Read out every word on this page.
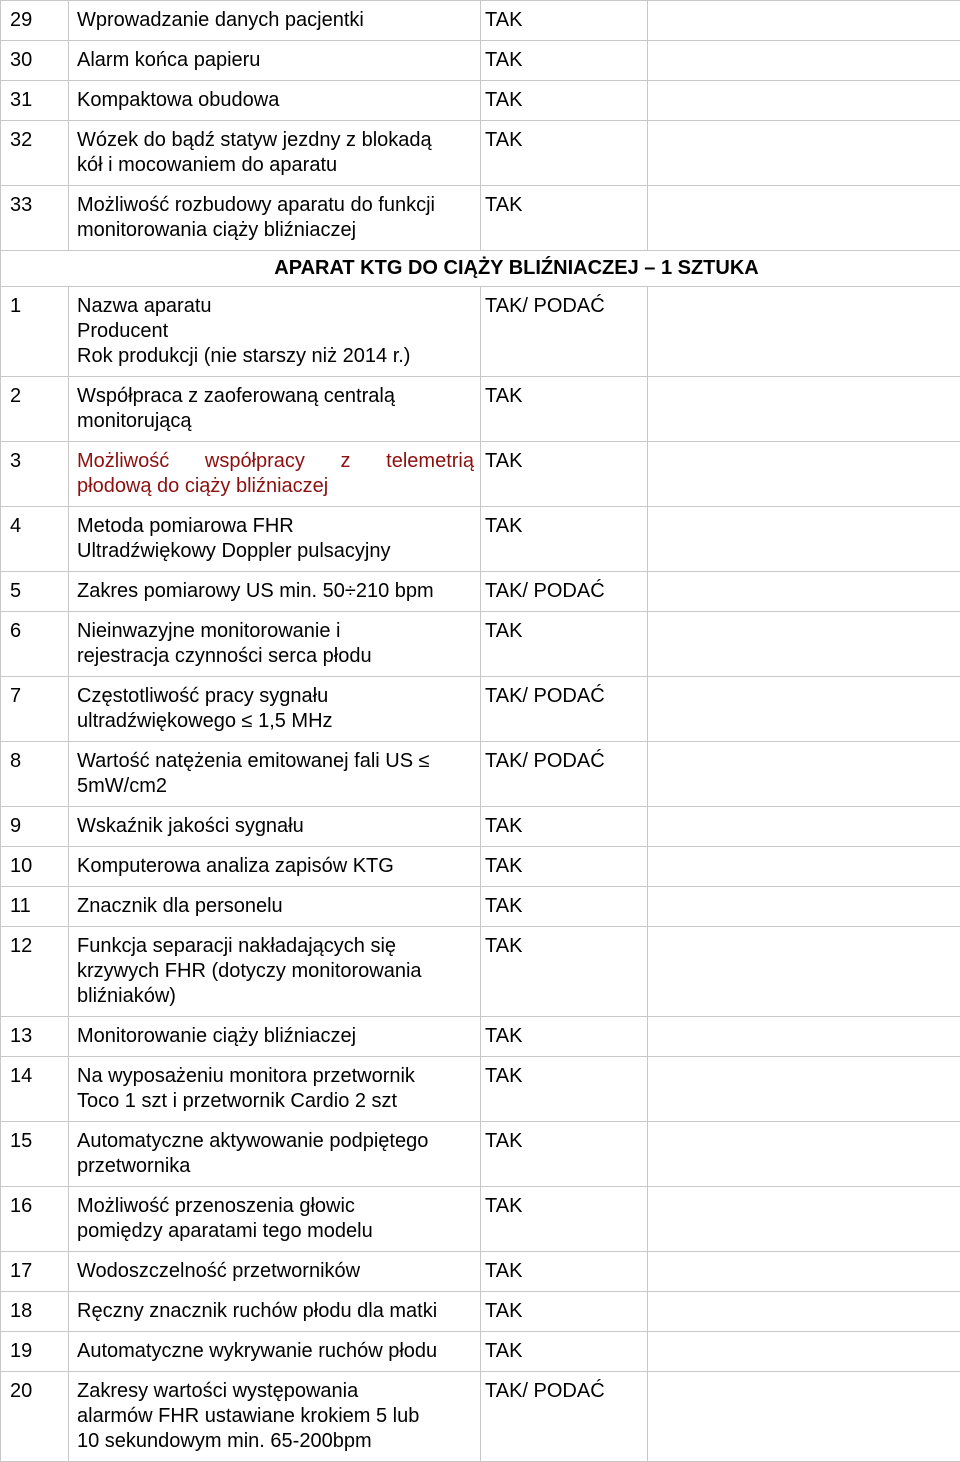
29	Wprowadzanie danych pacjentki	TAK	
30	Alarm końca papieru	TAK	
31	Kompaktowa obudowa	TAK	
32	Wózek do bądź statyw jezdny z blokadą
kół i mocowaniem do aparatu	TAK	
33	Możliwość rozbudowy aparatu do funkcji
monitorowania ciąży bliźniaczej	TAK	
APARAT KTG DO CIĄŻY BLIŹNIACZEJ – 1 SZTUKA			
1	Nazwa aparatu
Producent
Rok produkcji (nie starszy niż 2014 r.)	TAK/ PODAĆ	
2	Współpraca z zaoferowaną centralą
monitorującą	TAK	
3	Możliwość współpracy z telemetrią
płodową do ciąży bliźniaczej	TAK	
4	Metoda pomiarowa FHR
Ultradźwiękowy Doppler pulsacyjny	TAK	
5	Zakres pomiarowy US min. 50÷210 bpm	TAK/ PODAĆ	
6	Nieinwazyjne monitorowanie i
rejestracja czynności serca płodu	TAK	
7	Częstotliwość pracy sygnału
ultradźwiękowego ≤ 1,5 MHz	TAK/ PODAĆ	
8	Wartość natężenia emitowanej fali US ≤
5mW/cm2	TAK/ PODAĆ	
9	Wskaźnik jakości sygnału	TAK	
10	Komputerowa analiza zapisów KTG	TAK	
11	Znacznik dla personelu	TAK	
12	Funkcja separacji nakładających się
krzywych FHR (dotyczy monitorowania
bliźniaków)	TAK	
13	Monitorowanie ciąży bliźniaczej	TAK	
14	Na wyposażeniu monitora przetwornik
Toco 1 szt i przetwornik Cardio 2 szt	TAK	
15	Automatyczne aktywowanie podpiętego
przetwornika	TAK	
16	Możliwość przenoszenia głowic
pomiędzy aparatami tego modelu	TAK	
17	Wodoszczelność przetworników	TAK	
18	Ręczny znacznik ruchów płodu dla matki	TAK	
19	Automatyczne wykrywanie ruchów płodu	TAK	
20	Zakresy wartości występowania
alarmów FHR ustawiane krokiem 5 lub
10 sekundowym min. 65-200bpm	TAK/ PODAĆ	
